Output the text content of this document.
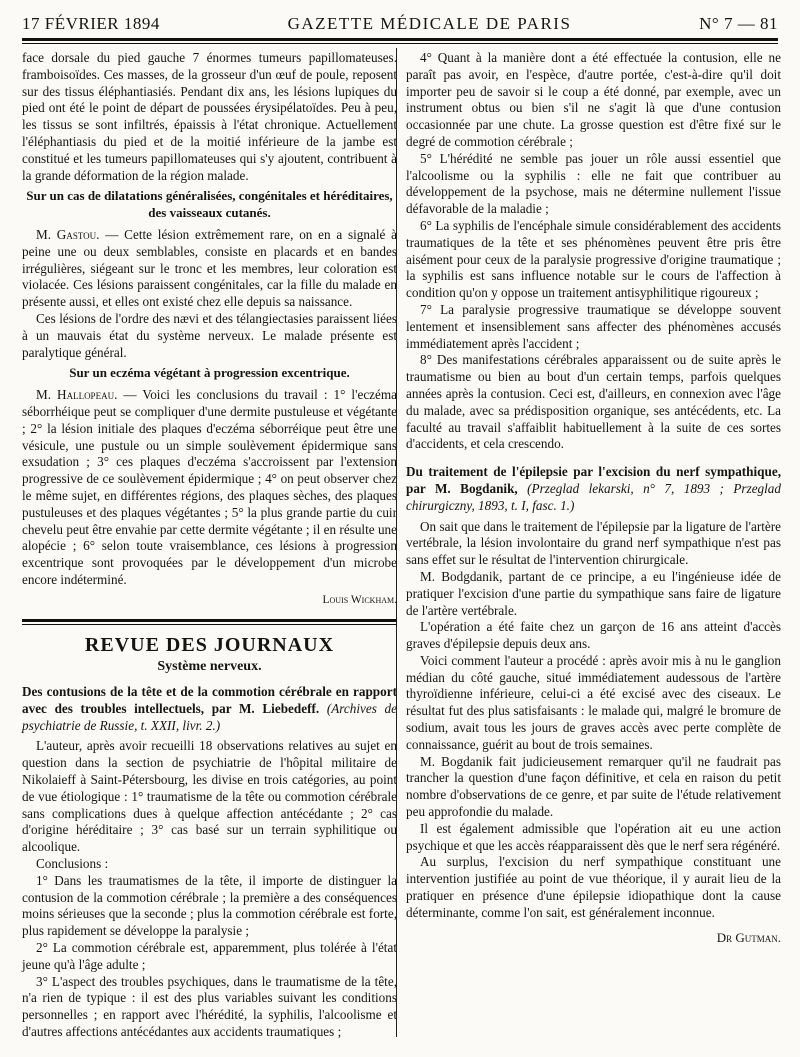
17 FÉVRIER 1894	GAZETTE MÉDICALE DE PARIS	N° 7 — 81

face dorsale du pied gauche 7 énormes tumeurs papillomateuses. framboisoïdes. Ces masses, de la grosseur d'un œuf de poule, reposent sur des tissus éléphantiasiés. Pendant dix ans, les lésions lupiques du pied ont été le point de départ de poussées érysipélatoïdes. Peu à peu, les tissus se sont infiltrés, épaissis à l'état chronique. Actuellement l'éléphantiasis du pied et de la moitié inférieure de la jambe est constitué et les tumeurs papillomateuses qui s'y ajoutent, contribuent à la grande déformation de la région malade.

Sur un cas de dilatations généralisées, congénitales et héréditaires, des vaisseaux cutanés.

M. Gastou. — Cette lésion extrêmement rare, on en a signalé à peine une ou deux semblables, consiste en placards et en bandes irrégulières, siégeant sur le tronc et les membres, leur coloration est violacée. Ces lésions paraissent congénitales, car la fille du malade en présente aussi, et elles ont existé chez elle depuis sa naissance.

Ces lésions de l'ordre des nævi et des télangiectasies paraissent liées à un mauvais état du système nerveux. Le malade présente est paralytique général.

Sur un eczéma végétant à progression excentrique.

M. Hallopeau. — Voici les conclusions du travail : 1° l'eczéma séborrhéique peut se compliquer d'une dermite pustuleuse et végétante ; 2° la lésion initiale des plaques d'eczéma séborréique peut être une vésicule, une pustule ou un simple soulèvement épidermique sans exsudation ; 3° ces plaques d'eczéma s'accroissent par l'extension progressive de ce soulèvement épidermique ; 4° on peut observer chez le même sujet, en différentes régions, des plaques sèches, des plaques pustuleuses et des plaques végétantes ; 5° la plus grande partie du cuir chevelu peut être envahie par cette dermite végétante ; il en résulte une alopécie ; 6° selon toute vraisemblance, ces lésions à progression excentrique sont provoquées par le développement d'un microbe encore indéterminé.

Louis Wickham.
REVUE DES JOURNAUX
Système nerveux.

Des contusions de la tête et de la commotion cérébrale en rapport avec des troubles intellectuels, par M. Liebedeff. (Archives de psychiatrie de Russie, t. XXII, livr. 2.)

L'auteur, après avoir recueilli 18 observations relatives au sujet en question dans la section de psychiatrie de l'hôpital militaire de Nikolaieff à Saint-Pétersbourg, les divise en trois catégories, au point de vue étiologique : 1° traumatisme de la tête ou commotion cérébrale sans complications dues à quelque affection antécédante ; 2° cas d'origine héréditaire ; 3° cas basé sur un terrain syphilitique ou alcoolique.

Conclusions :

1° Dans les traumatismes de la tête, il importe de distinguer la contusion de la commotion cérébrale ; la première a des conséquences moins sérieuses que la seconde ; plus la commotion cérébrale est forte, plus rapidement se développe la paralysie ;

2° La commotion cérébrale est, apparemment, plus tolérée à l'état jeune qu'à l'âge adulte ;

3° L'aspect des troubles psychiques, dans le traumatisme de la tête, n'a rien de typique : il est des plus variables suivant les conditions personnelles ; en rapport avec l'hérédité, la syphilis, l'alcoolisme et d'autres affections antécédantes aux accidents traumatiques ;

4° Quant à la manière dont a été effectuée la contusion, elle ne paraît pas avoir, en l'espèce, d'autre portée, c'est-à-dire qu'il doit importer peu de savoir si le coup a été donné, par exemple, avec un instrument obtus ou bien s'il ne s'agit là que d'une contusion occasionnée par une chute. La grosse question est d'être fixé sur le degré de commotion cérébrale ;

5° L'hérédité ne semble pas jouer un rôle aussi essentiel que l'alcoolisme ou la syphilis : elle ne fait que contribuer au développement de la psychose, mais ne détermine nullement l'issue défavorable de la maladie ;

6° La syphilis de l'encéphale simule considérablement des accidents traumatiques de la tête et ses phénomènes peuvent être pris être aisément pour ceux de la paralysie progressive d'origine traumatique ; la syphilis est sans influence notable sur le cours de l'affection à condition qu'on y oppose un traitement antisyphilitique rigoureux ;

7° La paralysie progressive traumatique se développe souvent lentement et insensiblement sans affecter des phénomènes accusés immédiatement après l'accident ;

8° Des manifestations cérébrales apparaissent ou de suite après le traumatisme ou bien au bout d'un certain temps, parfois quelques années après la contusion. Ceci est, d'ailleurs, en connexion avec l'âge du malade, avec sa prédisposition organique, ses antécédents, etc. La faculté au travail s'affaiblit habituellement à la suite de ces sortes d'accidents, et cela crescendo.

Du traitement de l'épilepsie par l'excision du nerf sympathique, par M. Bogdanik, (Przeglad lekarski, n° 7, 1893 ; Przeglad chirurgiczny, 1893, t. I, fasc. 1.)

On sait que dans le traitement de l'épilepsie par la ligature de l'artère vertébrale, la lésion involontaire du grand nerf sympathique n'est pas sans effet sur le résultat de l'intervention chirurgicale.

M. Bodgdanik, partant de ce principe, a eu l'ingénieuse idée de pratiquer l'excision d'une partie du sympathique sans faire de ligature de l'artère vertébrale.

L'opération a été faite chez un garçon de 16 ans atteint d'accès graves d'épilepsie depuis deux ans.

Voici comment l'auteur a procédé : après avoir mis à nu le ganglion médian du côté gauche, situé immédiatement audessous de l'artère thyroïdienne inférieure, celui-ci a été excisé avec des ciseaux. Le résultat fut des plus satisfaisants : le malade qui, malgré le bromure de sodium, avait tous les jours de graves accès avec perte complète de connaissance, guérit au bout de trois semaines.

M. Bogdanik fait judicieusement remarquer qu'il ne faudrait pas trancher la question d'une façon définitive, et cela en raison du petit nombre d'observations de ce genre, et par suite de l'étude relativement peu approfondie du malade.

Il est également admissible que l'opération ait eu une action psychique et que les accès réapparaissent dès que le nerf sera régénéré.

Au surplus, l'excision du nerf sympathique constituant une intervention justifiée au point de vue théorique, il y aurait lieu de la pratiquer en présence d'une épilepsie idiopathique dont la cause déterminante, comme l'on sait, est généralement inconnue.

Dr Gutman.
